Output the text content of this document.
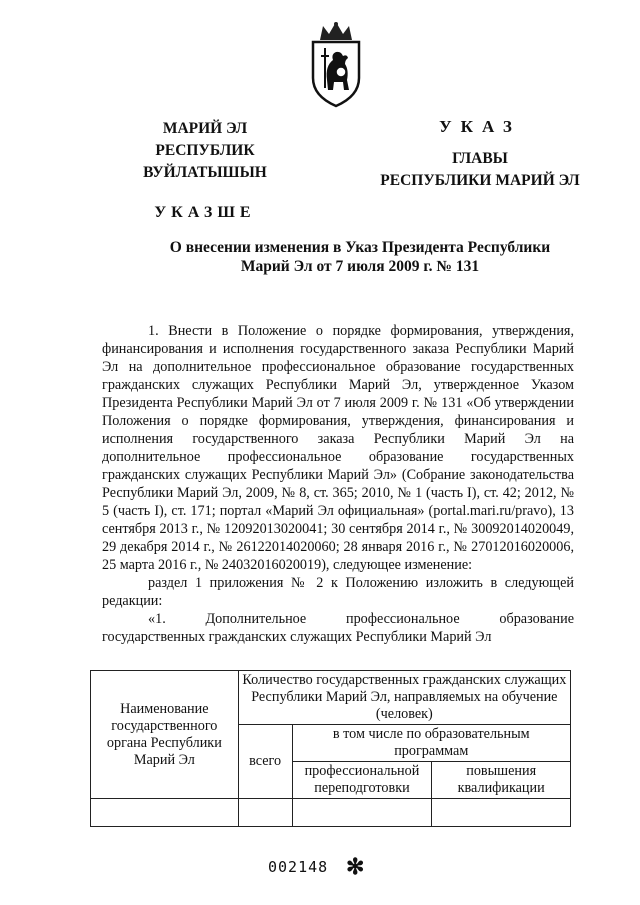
МАРИЙ ЭЛ РЕСПУБЛИК
ВУЙЛАТЫШЫН
УКАЗШЕ
УКАЗ
ГЛАВЫ
РЕСПУБЛИКИ МАРИЙ ЭЛ
О внесении изменения в Указ Президента Республики
Марий Эл от 7 июля 2009 г. № 131

1. Внести в Положение о порядке формирования, утверждения, финансирования и исполнения государственного заказа Республики Марий Эл на дополнительное профессиональное образование государственных гражданских служащих Республики Марий Эл, утвержденное Указом Президента Республики Марий Эл от 7 июля 2009 г. № 131 «Об утверждении Положения о порядке формирования, утверждения, финансирования и исполнения государственного заказа Республики Марий Эл на дополнительное профессиональное образование государственных гражданских служащих Республики Марий Эл» (Собрание законодательства Республики Марий Эл, 2009, № 8, ст. 365; 2010, № 1 (часть I), ст. 42; 2012, № 5 (часть I), ст. 171; портал «Марий Эл официальная» (portal.mari.ru/pravo), 13 сентября 2013 г., № 12092013020041; 30 сентября 2014 г., № 30092014020049, 29 декабря 2014 г., № 26122014020060; 28 января 2016 г., № 27012016020006, 25 марта 2016 г., № 24032016020019), следующее изменение:

раздел 1 приложения № 2 к Положению изложить в следующей редакции:

«1. Дополнительное профессиональное образование

государственных гражданских служащих Республики Марий Эл

Наименование государственного органа Республики Марий Эл	Количество государственных гражданских служащих Республики Марий Эл, направляемых на обучение (человек)		
	всего	в том числе по образовательным программам	
		профессиональной переподготовки	повышения квалификации

002148 ✻
